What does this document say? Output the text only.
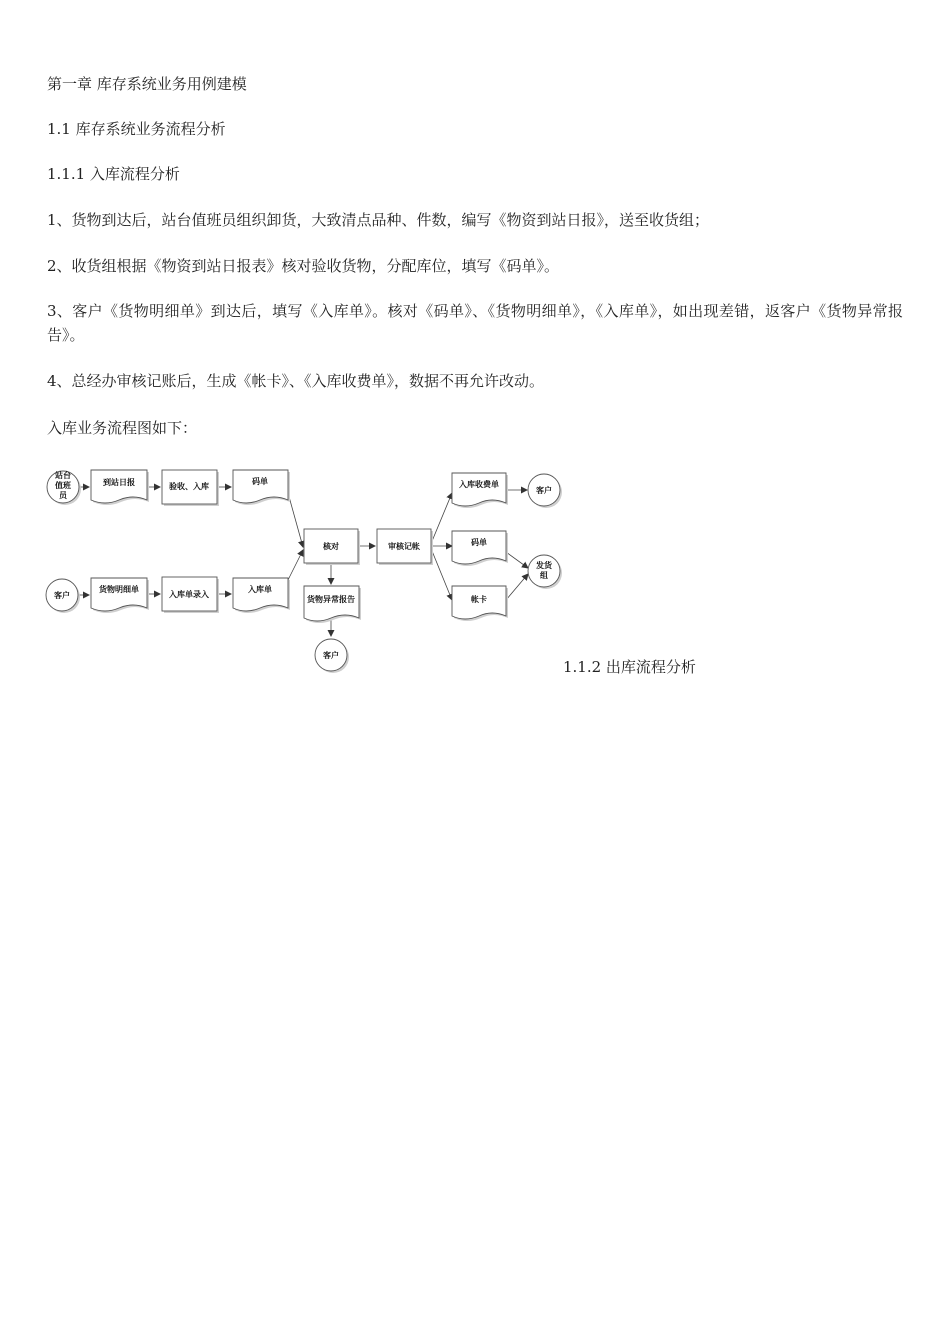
第一章 库存系统业务用例建模
1.1 库存系统业务流程分析
1.1.1 入库流程分析
1、货物到达后，站台值班员组织卸货，大致清点品种、件数，编写《物资到站日报》，送至收货组；
2、收货组根据《物资到站日报表》核对验收货物，分配库位，填写《码单》。
3、客户《货物明细单》到达后，填写《入库单》。核对《码单》、《货物明细单》，《入库单》，如出现差错，返客户《货物异常报告》。
4、总经办审核记账后，生成《帐卡》、《入库收费单》，数据不再允许改动。
入库业务流程图如下：
站台
值班
员
到站日报	验收、入库
码单
客户
货物明细单
入库单录入
入库单
核对
货物异常报告
客户
审核记帐
入库收费单
客户
码单
帐卡
发货
组
1.1.2 出库流程分析
